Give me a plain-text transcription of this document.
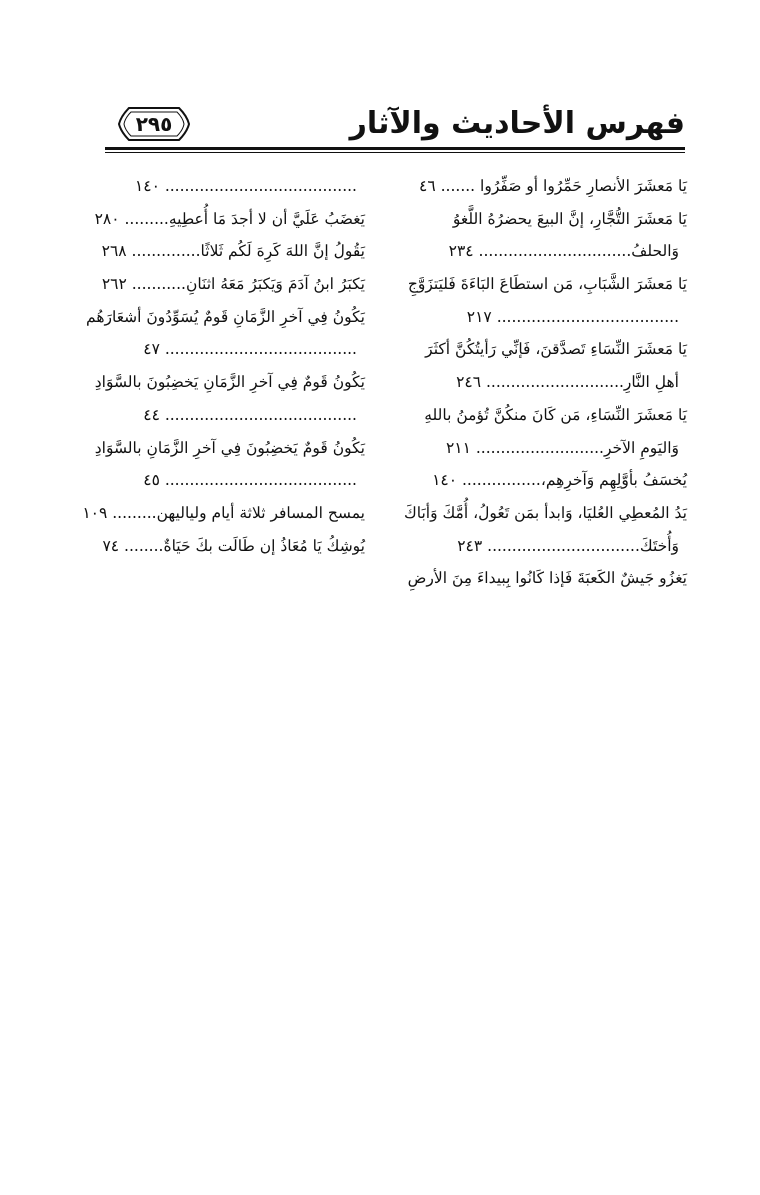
فهرس الأحاديث والآثار
٢٩٥
يَا مَعشَرَ الأنصارِ حَمِّرُوا أو صَفِّرُوا ....... ٤٦
يَا مَعشَرَ التُّجَّارِ، إنَّ البيعَ يحضرُهُ اللَّغوُ
وَالحلفُ............................... ٢٣٤
يَا مَعشَرَ الشَّبَابِ، مَن استطَاعَ البَاءَةَ فَليَتزَوَّجِ
..................................... ٢١٧
يَا مَعشَرَ النِّسَاءِ تَصدَّقنَ، فَإنِّي رَأيتُكُنَّ أكثَرَ
أهلِ النَّارِ............................ ٢٤٦
يَا مَعشَرَ النِّسَاءِ، مَن كَانَ منكُنَّ تُؤمنُ باللهِ
وَاليَومِ الآخرِ.......................... ٢١١
يُخسَفُ بأوَّلِهِم وَآخرِهِم،................ ١٤٠
يَدُ المُعطِي العُليَا، وَابدأ بمَن تَعُولُ، أُمَّكَ وَأبَاكَ
وَأُختَكَ............................... ٢٤٣
يَغزُو جَيشٌ الكَعبَةَ فَإذا كَانُوا بِبيداءَ مِنَ الأرضِ
....................................... ١٤٠
يَغضَبُ عَلَيَّ أن لا أجدَ مَا أُعطِيهِ......... ٢٨٠
يَقُولُ إنَّ اللهَ كَرِهَ لَكُم ثَلاثًا.............. ٢٦٨
يَكبَرُ ابنُ آدَمَ وَيَكبَرُ مَعَهُ اثنَانِ........... ٢٦٢
يَكُونُ فِي آخرِ الزَّمَانِ قَومٌ يُسَوِّدُونَ أشعَارَهُم
....................................... ٤٧
يَكُونُ قَومٌ فِي آخرِ الزَّمَانِ يَخضِبُونَ بالسَّوَادِ
....................................... ٤٤
يَكُونُ قَومٌ يَخضِبُونَ فِي آخرِ الزَّمَانِ بالسَّوَادِ
....................................... ٤٥
يمسح المسافر ثلاثة أيام ولياليهن......... ١٠٩
يُوشِكُ يَا مُعَاذُ إن طَالَت بكَ حَيَاةٌ........ ٧٤
